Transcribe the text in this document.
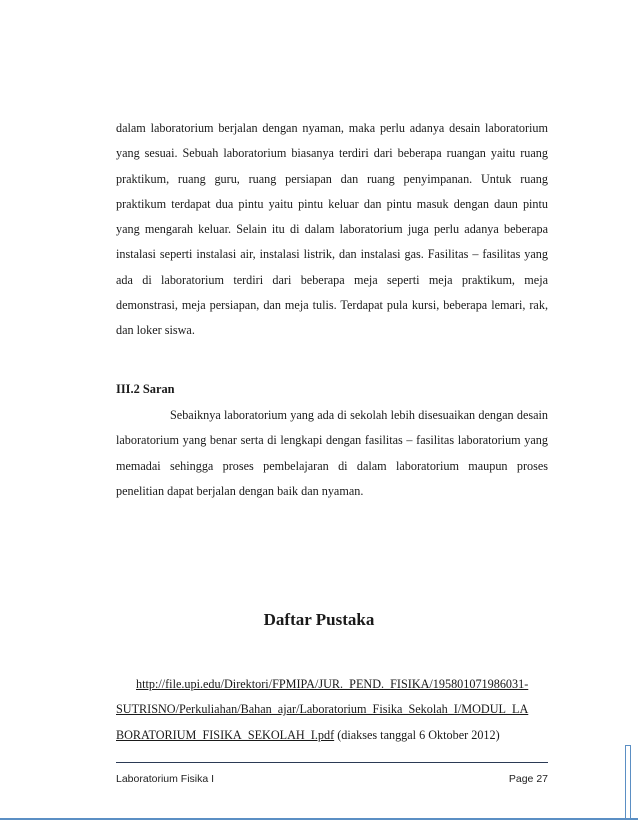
dalam laboratorium berjalan dengan nyaman, maka perlu adanya desain laboratorium yang sesuai. Sebuah laboratorium biasanya terdiri dari beberapa ruangan yaitu ruang praktikum, ruang guru, ruang persiapan dan ruang penyimpanan. Untuk ruang praktikum terdapat dua pintu yaitu pintu keluar dan pintu masuk dengan daun pintu yang mengarah keluar. Selain itu di dalam laboratorium juga perlu adanya beberapa instalasi seperti instalasi air, instalasi listrik, dan instalasi gas. Fasilitas – fasilitas yang ada di laboratorium terdiri dari beberapa meja seperti meja praktikum, meja demonstrasi, meja persiapan, dan meja tulis. Terdapat pula kursi, beberapa lemari, rak, dan loker siswa.

III.2 Saran

Sebaiknya laboratorium yang ada di sekolah lebih disesuaikan dengan desain laboratorium yang benar serta di lengkapi dengan fasilitas – fasilitas laboratorium yang memadai sehingga proses pembelajaran di dalam laboratorium maupun proses penelitian dapat berjalan dengan baik dan nyaman.

Daftar Pustaka

http://file.upi.edu/Direktori/FPMIPA/JUR._PEND._FISIKA/195801071986031-
SUTRISNO/Perkuliahan/Bahan_ajar/Laboratorium_Fisika_Sekolah_I/MODUL_LA
BORATORIUM_FISIKA_SEKOLAH_I.pdf (diakses tanggal 6 Oktober 2012)

Laboratorium Fisika I	Page 27
